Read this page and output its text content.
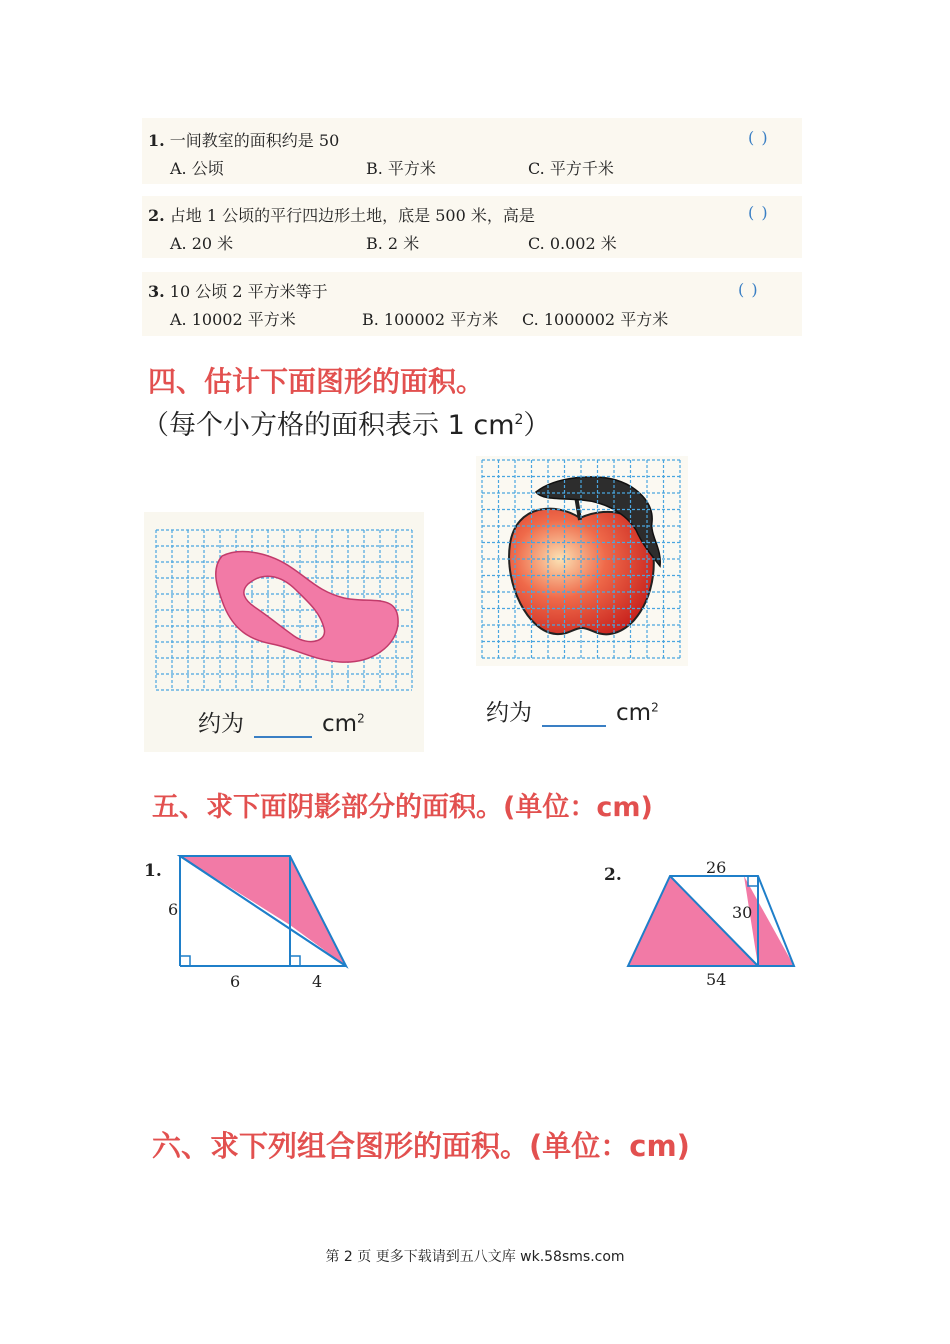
1. 一间教室的面积约是 50	( )
A. 公顷	B. 平方米	C. 平方千米
2. 占地 1 公顷的平行四边形土地，底是 500 米，高是	( )
A. 20 米	B. 2 米	C. 0.002 米
3. 10 公顷 2 平方米等于	( )
A. 10002 平方米	B. 100002 平方米 C. 1000002 平方米
四、估计下面图形的面积。
（每个小方格的面积表示 1 $cm^2$）
约为	$cm^2$	约为	$cm^2$
五、求下面阴影部分的面积。(单位：cm)
1.
6
6	4
2.	26
30
54
六、求下列组合图形的面积。(单位：cm)
第 2 页 更多下载请到五八文库 wk.58sms.com
